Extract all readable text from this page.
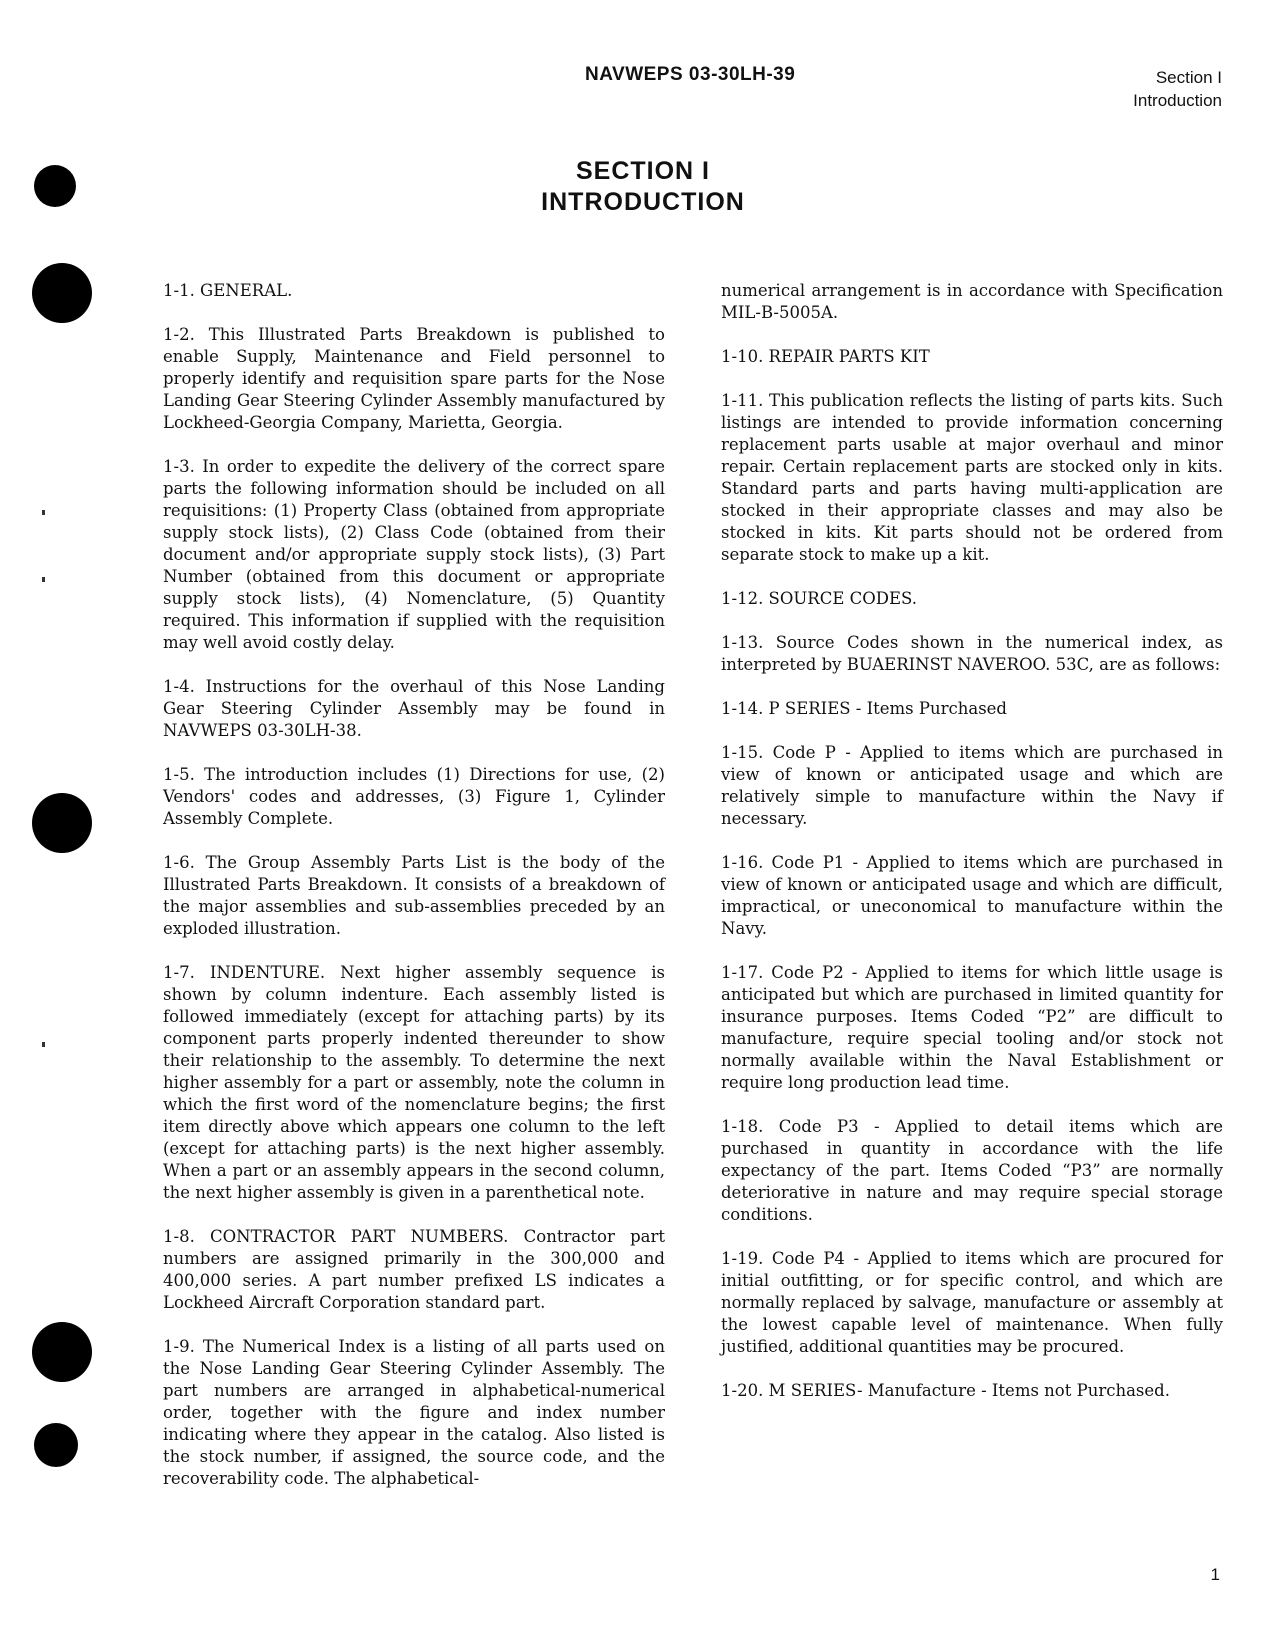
NAVWEPS 03-30LH-39	Section I
Introduction
SECTION I
INTRODUCTION

1-1. GENERAL.

1-2. This Illustrated Parts Breakdown is published to enable Supply, Maintenance and Field personnel to properly identify and requisition spare parts for the Nose Landing Gear Steering Cylinder Assembly manufactured by Lockheed-Georgia Company, Marietta, Georgia.

1-3. In order to expedite the delivery of the correct spare parts the following information should be included on all requisitions: (1) Property Class (obtained from appropriate supply stock lists), (2) Class Code (obtained from their document and/or appropriate supply stock lists), (3) Part Number (obtained from this document or appropriate supply stock lists), (4) Nomenclature, (5) Quantity required. This information if supplied with the requisition may well avoid costly delay.

1-4. Instructions for the overhaul of this Nose Landing Gear Steering Cylinder Assembly may be found in NAVWEPS 03-30LH-38.

1-5. The introduction includes (1) Directions for use, (2) Vendors' codes and addresses, (3) Figure 1, Cylinder Assembly Complete.

1-6. The Group Assembly Parts List is the body of the Illustrated Parts Breakdown. It consists of a breakdown of the major assemblies and sub-assemblies preceded by an exploded illustration.

1-7. INDENTURE. Next higher assembly sequence is shown by column indenture. Each assembly listed is followed immediately (except for attaching parts) by its component parts properly indented thereunder to show their relationship to the assembly. To determine the next higher assembly for a part or assembly, note the column in which the first word of the nomenclature begins; the first item directly above which appears one column to the left (except for attaching parts) is the next higher assembly. When a part or an assembly appears in the second column, the next higher assembly is given in a parenthetical note.

1-8. CONTRACTOR PART NUMBERS. Contractor part numbers are assigned primarily in the 300,000 and 400,000 series. A part number prefixed LS indicates a Lockheed Aircraft Corporation standard part.

1-9. The Numerical Index is a listing of all parts used on the Nose Landing Gear Steering Cylinder Assembly. The part numbers are arranged in alphabetical-numerical order, together with the figure and index number indicating where they appear in the catalog. Also listed is the stock number, if assigned, the source code, and the recoverability code. The alphabetical-

numerical arrangement is in accordance with Specification MIL-B-5005A.

1-10. REPAIR PARTS KIT

1-11. This publication reflects the listing of parts kits. Such listings are intended to provide information concerning replacement parts usable at major overhaul and minor repair. Certain replacement parts are stocked only in kits. Standard parts and parts having multi-application are stocked in their appropriate classes and may also be stocked in kits. Kit parts should not be ordered from separate stock to make up a kit.

1-12. SOURCE CODES.

1-13. Source Codes shown in the numerical index, as interpreted by BUAERINST NAVEROO. 53C, are as follows:

1-14. P SERIES - Items Purchased

1-15. Code P - Applied to items which are purchased in view of known or anticipated usage and which are relatively simple to manufacture within the Navy if necessary.

1-16. Code P1 - Applied to items which are purchased in view of known or anticipated usage and which are difficult, impractical, or uneconomical to manufacture within the Navy.

1-17. Code P2 - Applied to items for which little usage is anticipated but which are purchased in limited quantity for insurance purposes. Items Coded “P2” are difficult to manufacture, require special tooling and/or stock not normally available within the Naval Establishment or require long production lead time.

1-18. Code P3 - Applied to detail items which are purchased in quantity in accordance with the life expectancy of the part. Items Coded “P3” are normally deteriorative in nature and may require special storage conditions.

1-19. Code P4 - Applied to items which are procured for initial outfitting, or for specific control, and which are normally replaced by salvage, manufacture or assembly at the lowest capable level of maintenance. When fully justified, additional quantities may be procured.

1-20. M SERIES- Manufacture - Items not Purchased.

1
